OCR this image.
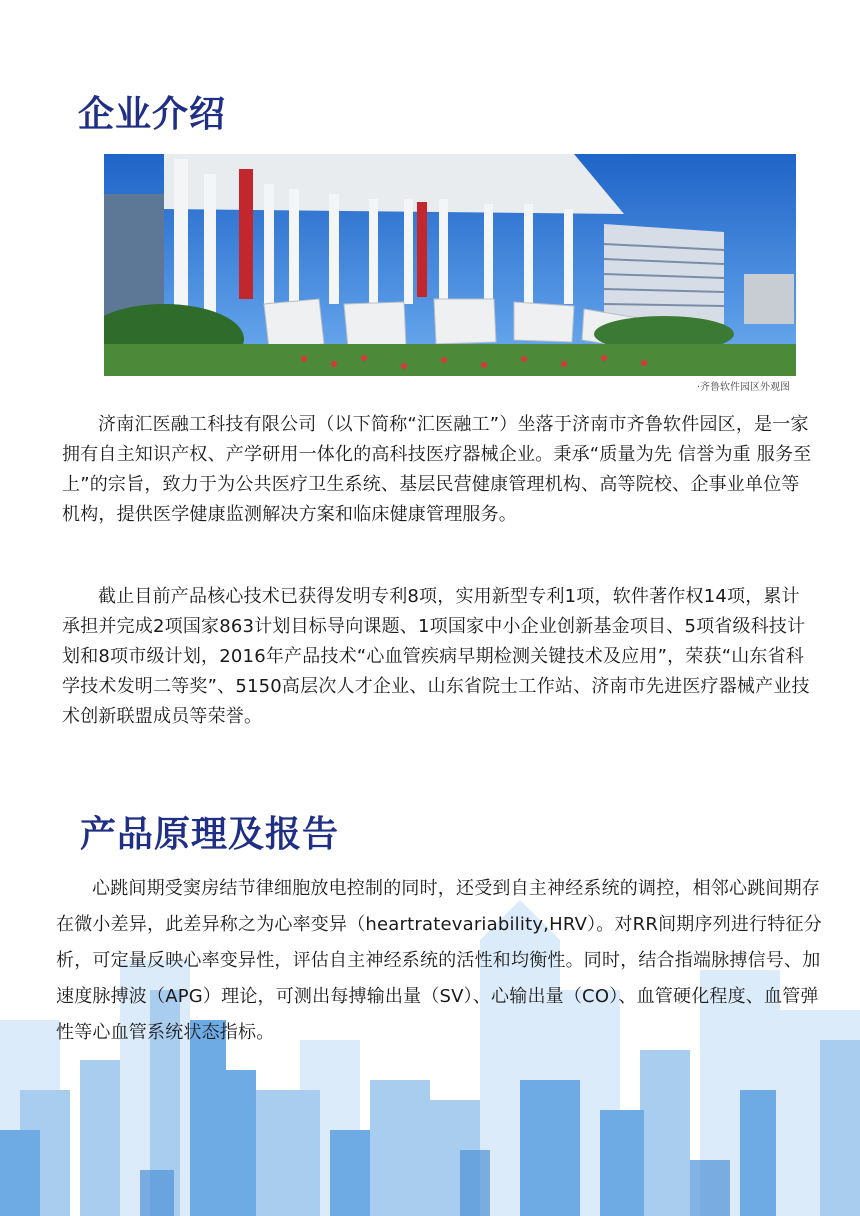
企业介绍
·齐鲁软件园区外观图

济南汇医融工科技有限公司（以下简称“汇医融工”）坐落于济南市齐鲁软件园区，是一家拥有自主知识产权、产学研用一体化的高科技医疗器械企业。秉承“质量为先 信誉为重 服务至上”的宗旨，致力于为公共医疗卫生系统、基层民营健康管理机构、高等院校、企事业单位等机构，提供医学健康监测解决方案和临床健康管理服务。

截止目前产品核心技术已获得发明专利8项，实用新型专利1项，软件著作权14项，累计承担并完成2项国家863计划目标导向课题、1项国家中小企业创新基金项目、5项省级科技计划和8项市级计划，2016年产品技术“心血管疾病早期检测关键技术及应用”，荣获“山东省科学技术发明二等奖”、5150高层次人才企业、山东省院士工作站、济南市先进医疗器械产业技术创新联盟成员等荣誉。

产品原理及报告

心跳间期受窦房结节律细胞放电控制的同时，还受到自主神经系统的调控，相邻心跳间期存在微小差异，此差异称之为心率变异（heartratevariability,HRV）。对RR间期序列进行特征分析，可定量反映心率变异性，评估自主神经系统的活性和均衡性。同时，结合指端脉搏信号、加速度脉搏波（APG）理论，可测出每搏输出量（SV）、心输出量（CO）、血管硬化程度、血管弹性等心血管系统状态指标。
